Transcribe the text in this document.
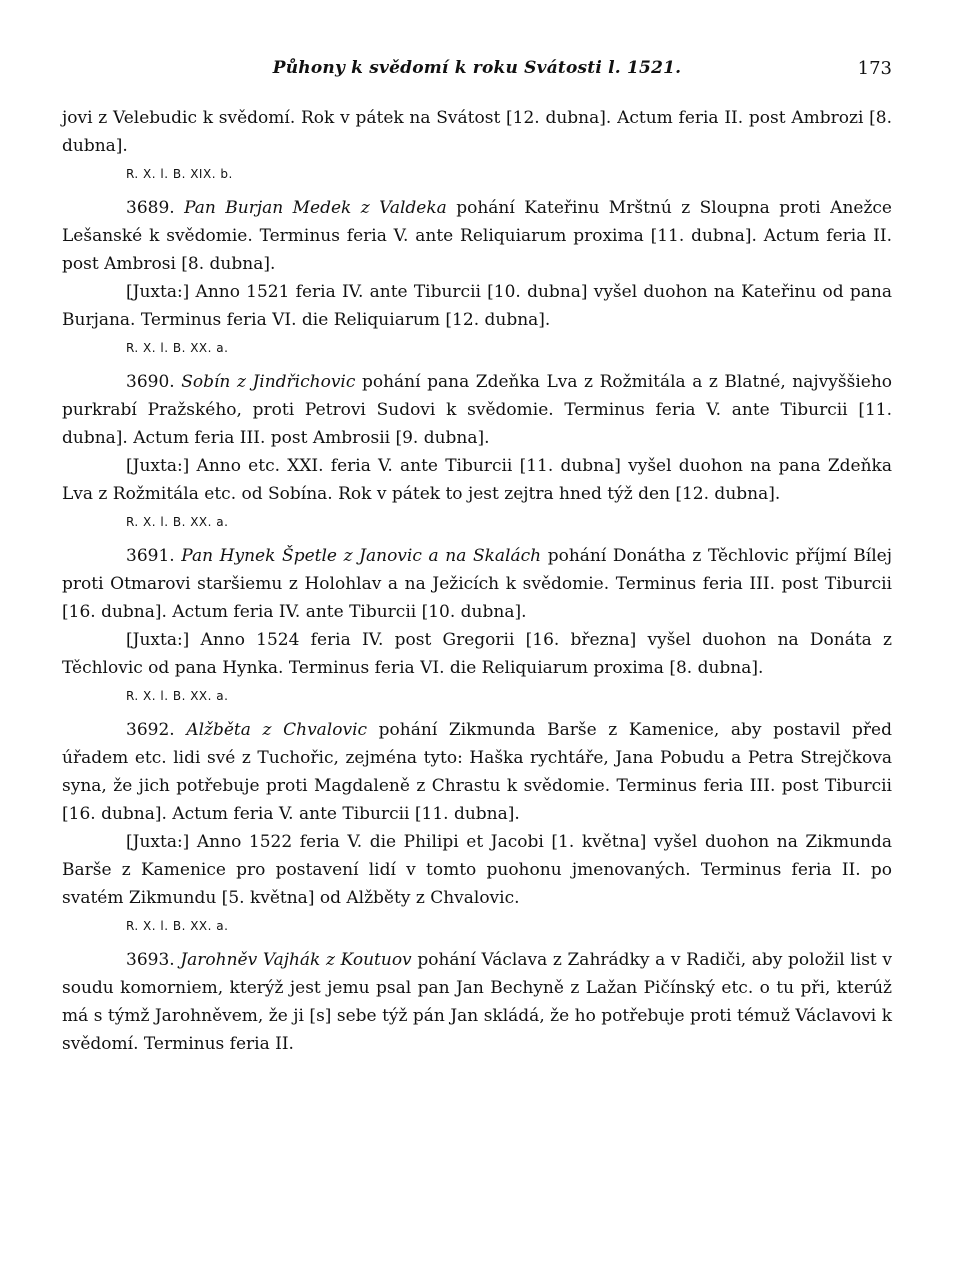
Půhony k svědomí k roku Svátosti l. 1521.	173

jovi z Velebudic k svědomí. Rok v pátek na Svátost [12. dubna]. Actum feria II. post Ambrozi [8. dubna].

R. X. l. B. XIX. b.

3689. Pan Burjan Medek z Valdeka pohání Kateřinu Mrštnú z Sloupna proti Anežce Lešanské k svědomie. Terminus feria V. ante Reliquiarum proxima [11. dubna]. Actum feria II. post Ambrosi [8. dubna].

[Juxta:] Anno 1521 feria IV. ante Tiburcii [10. dubna] vyšel duohon na Kateřinu od pana Burjana. Terminus feria VI. die Reliquiarum [12. dubna].

R. X. l. B. XX. a.

3690. Sobín z Jindřichovic pohání pana Zdeňka Lva z Rožmitála a z Blatné, najvyššieho purkrabí Pražského, proti Petrovi Sudovi k svědomie. Terminus feria V. ante Tiburcii [11. dubna]. Actum feria III. post Ambrosii [9. dubna].

[Juxta:] Anno etc. XXI. feria V. ante Tiburcii [11. dubna] vyšel duohon na pana Zdeňka Lva z Rožmitála etc. od Sobína. Rok v pátek to jest zejtra hned týž den [12. dubna].

R. X. l. B. XX. a.

3691. Pan Hynek Špetle z Janovic a na Skalách pohání Donátha z Těchlovic příjmí Bílej proti Otmarovi staršiemu z Holohlav a na Ježicích k svědomie. Terminus feria III. post Tiburcii [16. dubna]. Actum feria IV. ante Tiburcii [10. dubna].

[Juxta:] Anno 1524 feria IV. post Gregorii [16. března] vyšel duohon na Donáta z Těchlovic od pana Hynka. Terminus feria VI. die Reliquiarum proxima [8. dubna].

R. X. l. B. XX. a.

3692. Alžběta z Chvalovic pohání Zikmunda Barše z Kamenice, aby postavil před úřadem etc. lidi své z Tuchořic, zejména tyto: Haška rychtáře, Jana Pobudu a Petra Strejčkova syna, že jich potřebuje proti Magdaleně z Chrastu k svědomie. Terminus feria III. post Tiburcii [16. dubna]. Actum feria V. ante Tiburcii [11. dubna].

[Juxta:] Anno 1522 feria V. die Philipi et Jacobi [1. května] vyšel duohon na Zikmunda Barše z Kamenice pro postavení lidí v tomto puohonu jmenovaných. Terminus feria II. po svatém Zikmundu [5. května] od Alžběty z Chvalovic.

R. X. l. B. XX. a.

3693. Jarohněv Vajhák z Koutuov pohání Václava z Zahrádky a v Radiči, aby položil list v soudu komorniem, kterýž jest jemu psal pan Jan Bechyně z Lažan Pičínský etc. o tu při, kterúž má s týmž Jarohněvem, že ji [s] sebe týž pán Jan skládá, že ho potřebuje proti témuž Václavovi k svědomí. Terminus feria II.
